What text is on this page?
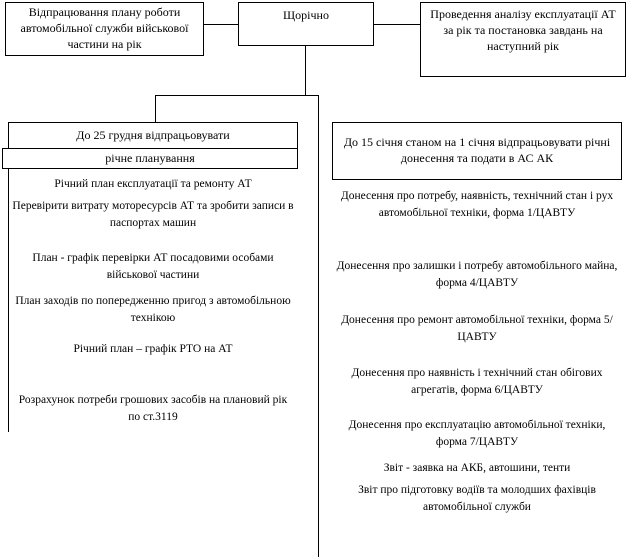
Відпрацювання плану роботи автомобільної служби військової частини на рік
Щорічно	Проведення аналізу експлуатації АТ за рік та постановка завдань на наступний рік
До 25 грудня відпрацьовувати
річне планування
Річний план експлуатації та ремонту АТ
Перевірити витрату моторесурсів АТ та зробити записи в паспортах машин
План - графік перевірки АТ посадовими особами військової частини
План заходів по попередженню пригод з автомобільною технікою
Річний план – графік РТО на АТ
Розрахунок потреби грошових засобів на плановий рік по ст.3119
До 15 січня станом на 1 січня відпрацьовувати річні донесення та подати в АС АК
Донесення про потребу, наявність, технічний стан і рух автомобільної техніки, форма 1/ЦАВТУ
Донесення про залишки і потребу автомобільного майна, форма 4/ЦАВТУ
Донесення про ремонт автомобільної техніки, форма 5/ЦАВТУ
Донесення про наявність і технічний стан обігових агрегатів, форма 6/ЦАВТУ
Донесення про експлуатацію автомобільної техніки, форма 7/ЦАВТУ
Звіт - заявка на АКБ, автошини, тенти
Звіт про підготовку водіїв та молодших фахівців автомобільної служби
